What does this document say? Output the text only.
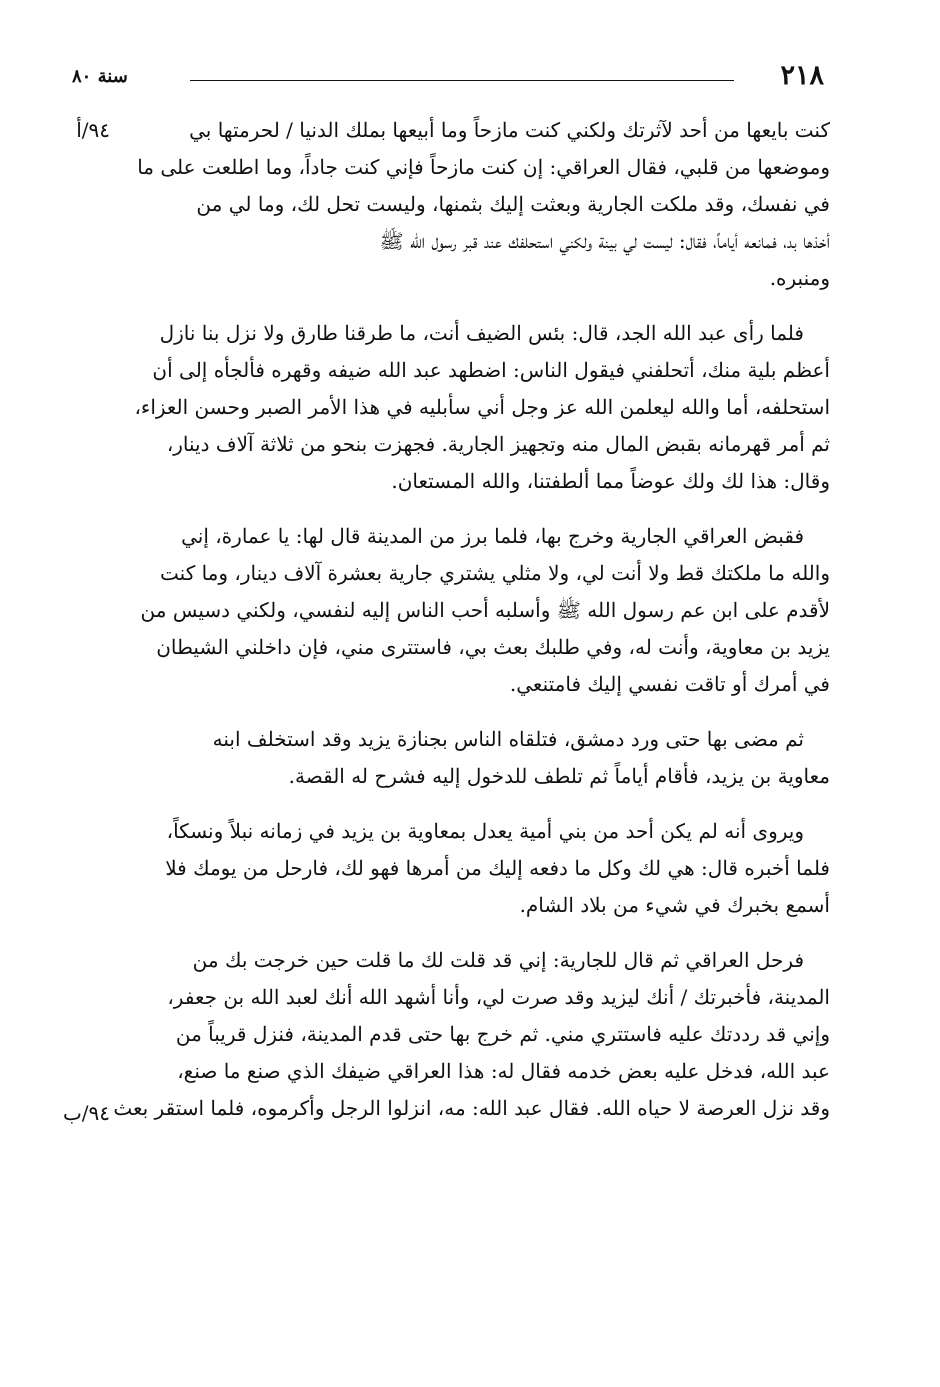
٢١٨
سنة ٨٠
٩٤/أ
٩٤/ب
كنت بايعها من أحد لآثرتك ولكني كنت مازحاً وما أبيعها بملك الدنيا / لحرمتها بي
وموضعها من قلبي، فقال العراقي: إن كنت مازحاً فإني كنت جاداً، وما اطلعت على ما
في نفسك، وقد ملكت الجارية وبعثت إليك بثمنها، وليست تحل لك، وما لي من
أخذها بد، فمانعه أياماً، فقال: ليست لي بينة ولكني استحلفك عند قبر رسول الله ﷺ
ومنبره.
فلما رأى عبد الله الجد، قال: بئس الضيف أنت، ما طرقنا طارق ولا نزل بنا نازل
أعظم بلية منك، أتحلفني فيقول الناس: اضطهد عبد الله ضيفه وقهره فألجأه إلى أن
استحلفه، أما والله ليعلمن الله عز وجل أني سأبليه في هذا الأمر الصبر وحسن العزاء،
ثم أمر قهرمانه بقبض المال منه وتجهيز الجارية. فجهزت بنحو من ثلاثة آلاف دينار،
وقال: هذا لك ولك عوضاً مما ألطفتنا، والله المستعان.
فقبض العراقي الجارية وخرج بها، فلما برز من المدينة قال لها: يا عمارة، إني
والله ما ملكتك قط ولا أنت لي، ولا مثلي يشتري جارية بعشرة آلاف دينار، وما كنت
لأقدم على ابن عم رسول الله ﷺ وأسلبه أحب الناس إليه لنفسي، ولكني دسيس من
يزيد بن معاوية، وأنت له، وفي طلبك بعث بي، فاستترى مني، فإن داخلني الشيطان
في أمرك أو تاقت نفسي إليك فامتنعي.
ثم مضى بها حتى ورد دمشق، فتلقاه الناس بجنازة يزيد وقد استخلف ابنه
معاوية بن يزيد، فأقام أياماً ثم تلطف للدخول إليه فشرح له القصة.
ويروى أنه لم يكن أحد من بني أمية يعدل بمعاوية بن يزيد في زمانه نبلاً ونسكاً،
فلما أخبره قال: هي لك وكل ما دفعه إليك من أمرها فهو لك، فارحل من يومك فلا
أسمع بخبرك في شيء من بلاد الشام.
فرحل العراقي ثم قال للجارية: إني قد قلت لك ما قلت حين خرجت بك من
المدينة، فأخبرتك / أنك ليزيد وقد صرت لي، وأنا أشهد الله أنك لعبد الله بن جعفر،
وإني قد رددتك عليه فاستتري مني. ثم خرج بها حتى قدم المدينة، فنزل قريباً من
عبد الله، فدخل عليه بعض خدمه فقال له: هذا العراقي ضيفك الذي صنع ما صنع،
وقد نزل العرصة لا حياه الله. فقال عبد الله: مه، انزلوا الرجل وأكرموه، فلما استقر بعث
